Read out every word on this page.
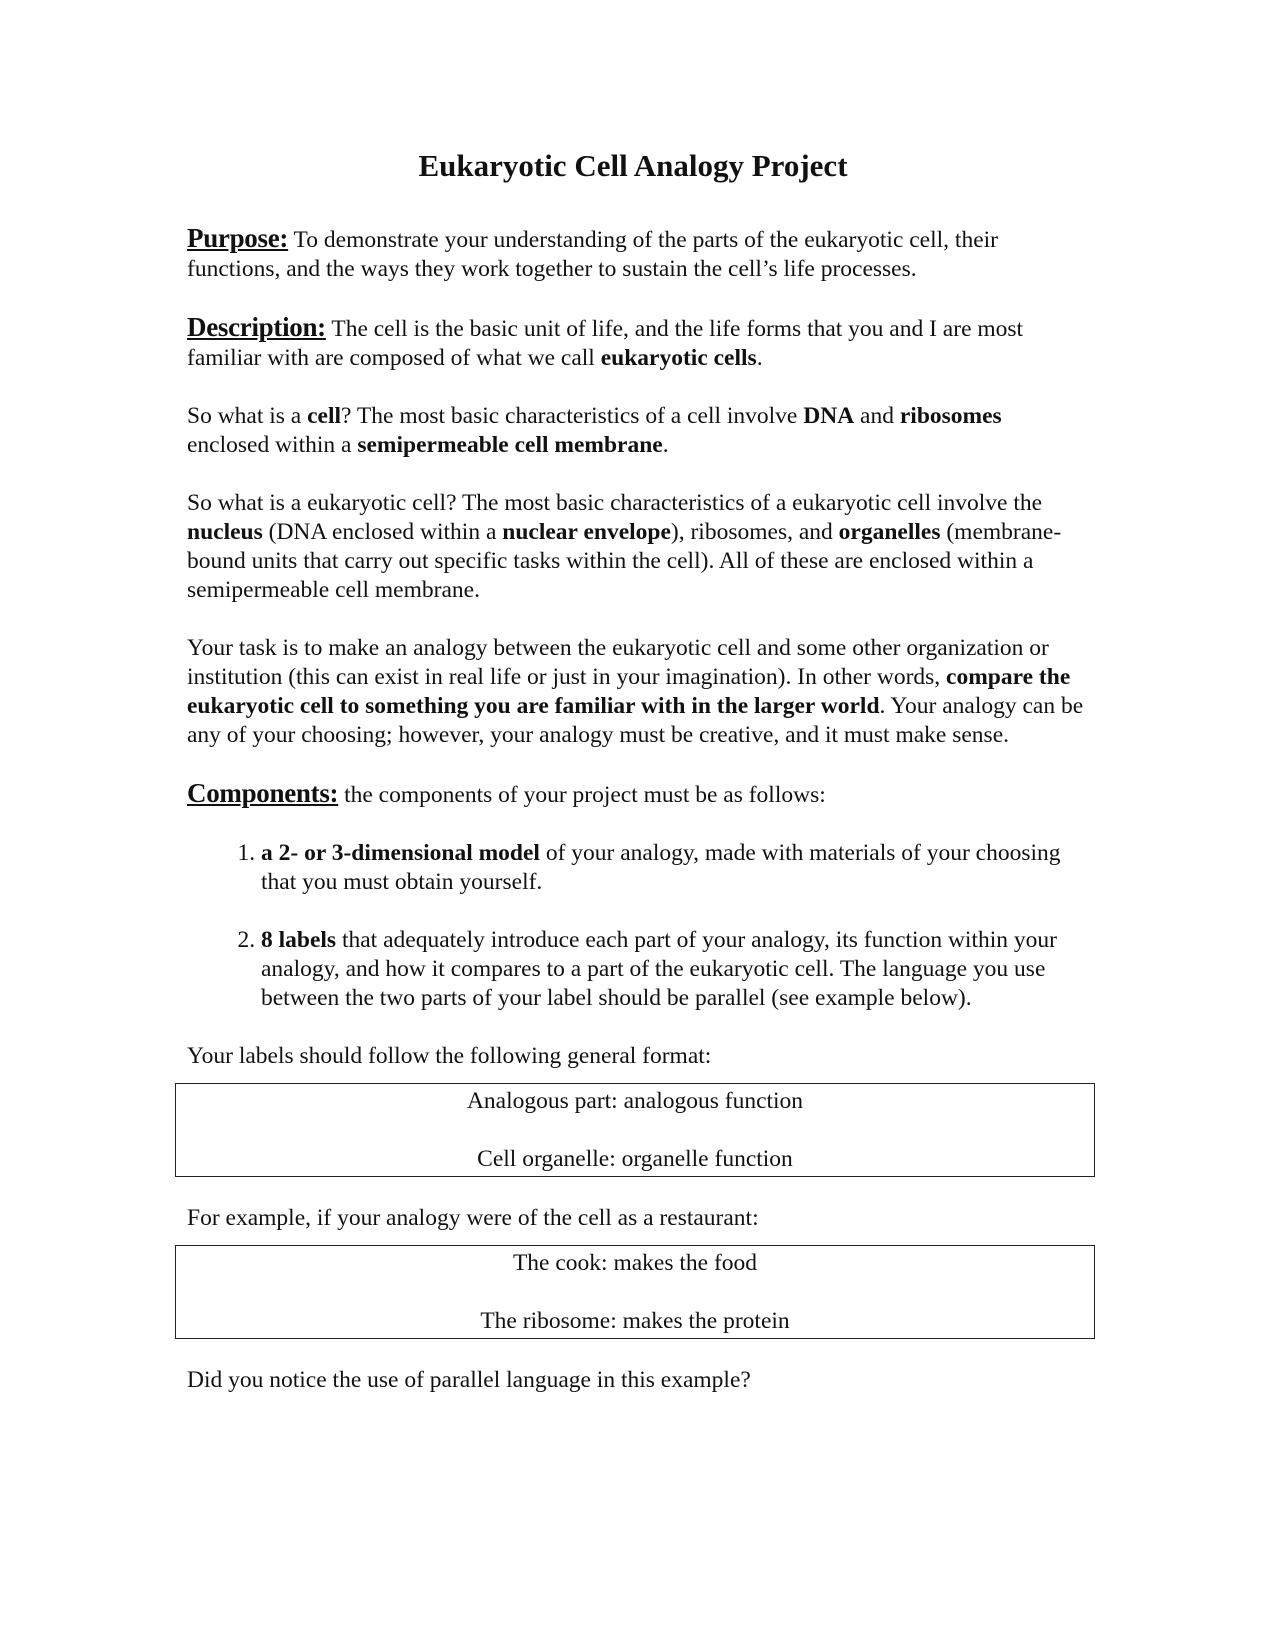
Eukaryotic Cell Analogy Project

Purpose: To demonstrate your understanding of the parts of the eukaryotic cell, their functions, and the ways they work together to sustain the cell’s life processes.

Description: The cell is the basic unit of life, and the life forms that you and I are most familiar with are composed of what we call eukaryotic cells.

So what is a cell? The most basic characteristics of a cell involve DNA and ribosomes enclosed within a semipermeable cell membrane.

So what is a eukaryotic cell? The most basic characteristics of a eukaryotic cell involve the nucleus (DNA enclosed within a nuclear envelope), ribosomes, and organelles (membrane-bound units that carry out specific tasks within the cell). All of these are enclosed within a semipermeable cell membrane.

Your task is to make an analogy between the eukaryotic cell and some other organization or institution (this can exist in real life or just in your imagination). In other words, compare the eukaryotic cell to something you are familiar with in the larger world. Your analogy can be any of your choosing; however, your analogy must be creative, and it must make sense.

Components: the components of your project must be as follows:

1. a 2- or 3-dimensional model of your analogy, made with materials of your choosing that you must obtain yourself.
2. 8 labels that adequately introduce each part of your analogy, its function within your analogy, and how it compares to a part of the eukaryotic cell. The language you use between the two parts of your label should be parallel (see example below).

Your labels should follow the following general format:

Analogous part: analogous function

Cell organelle: organelle function

For example, if your analogy were of the cell as a restaurant:

The cook: makes the food

The ribosome: makes the protein

Did you notice the use of parallel language in this example?
